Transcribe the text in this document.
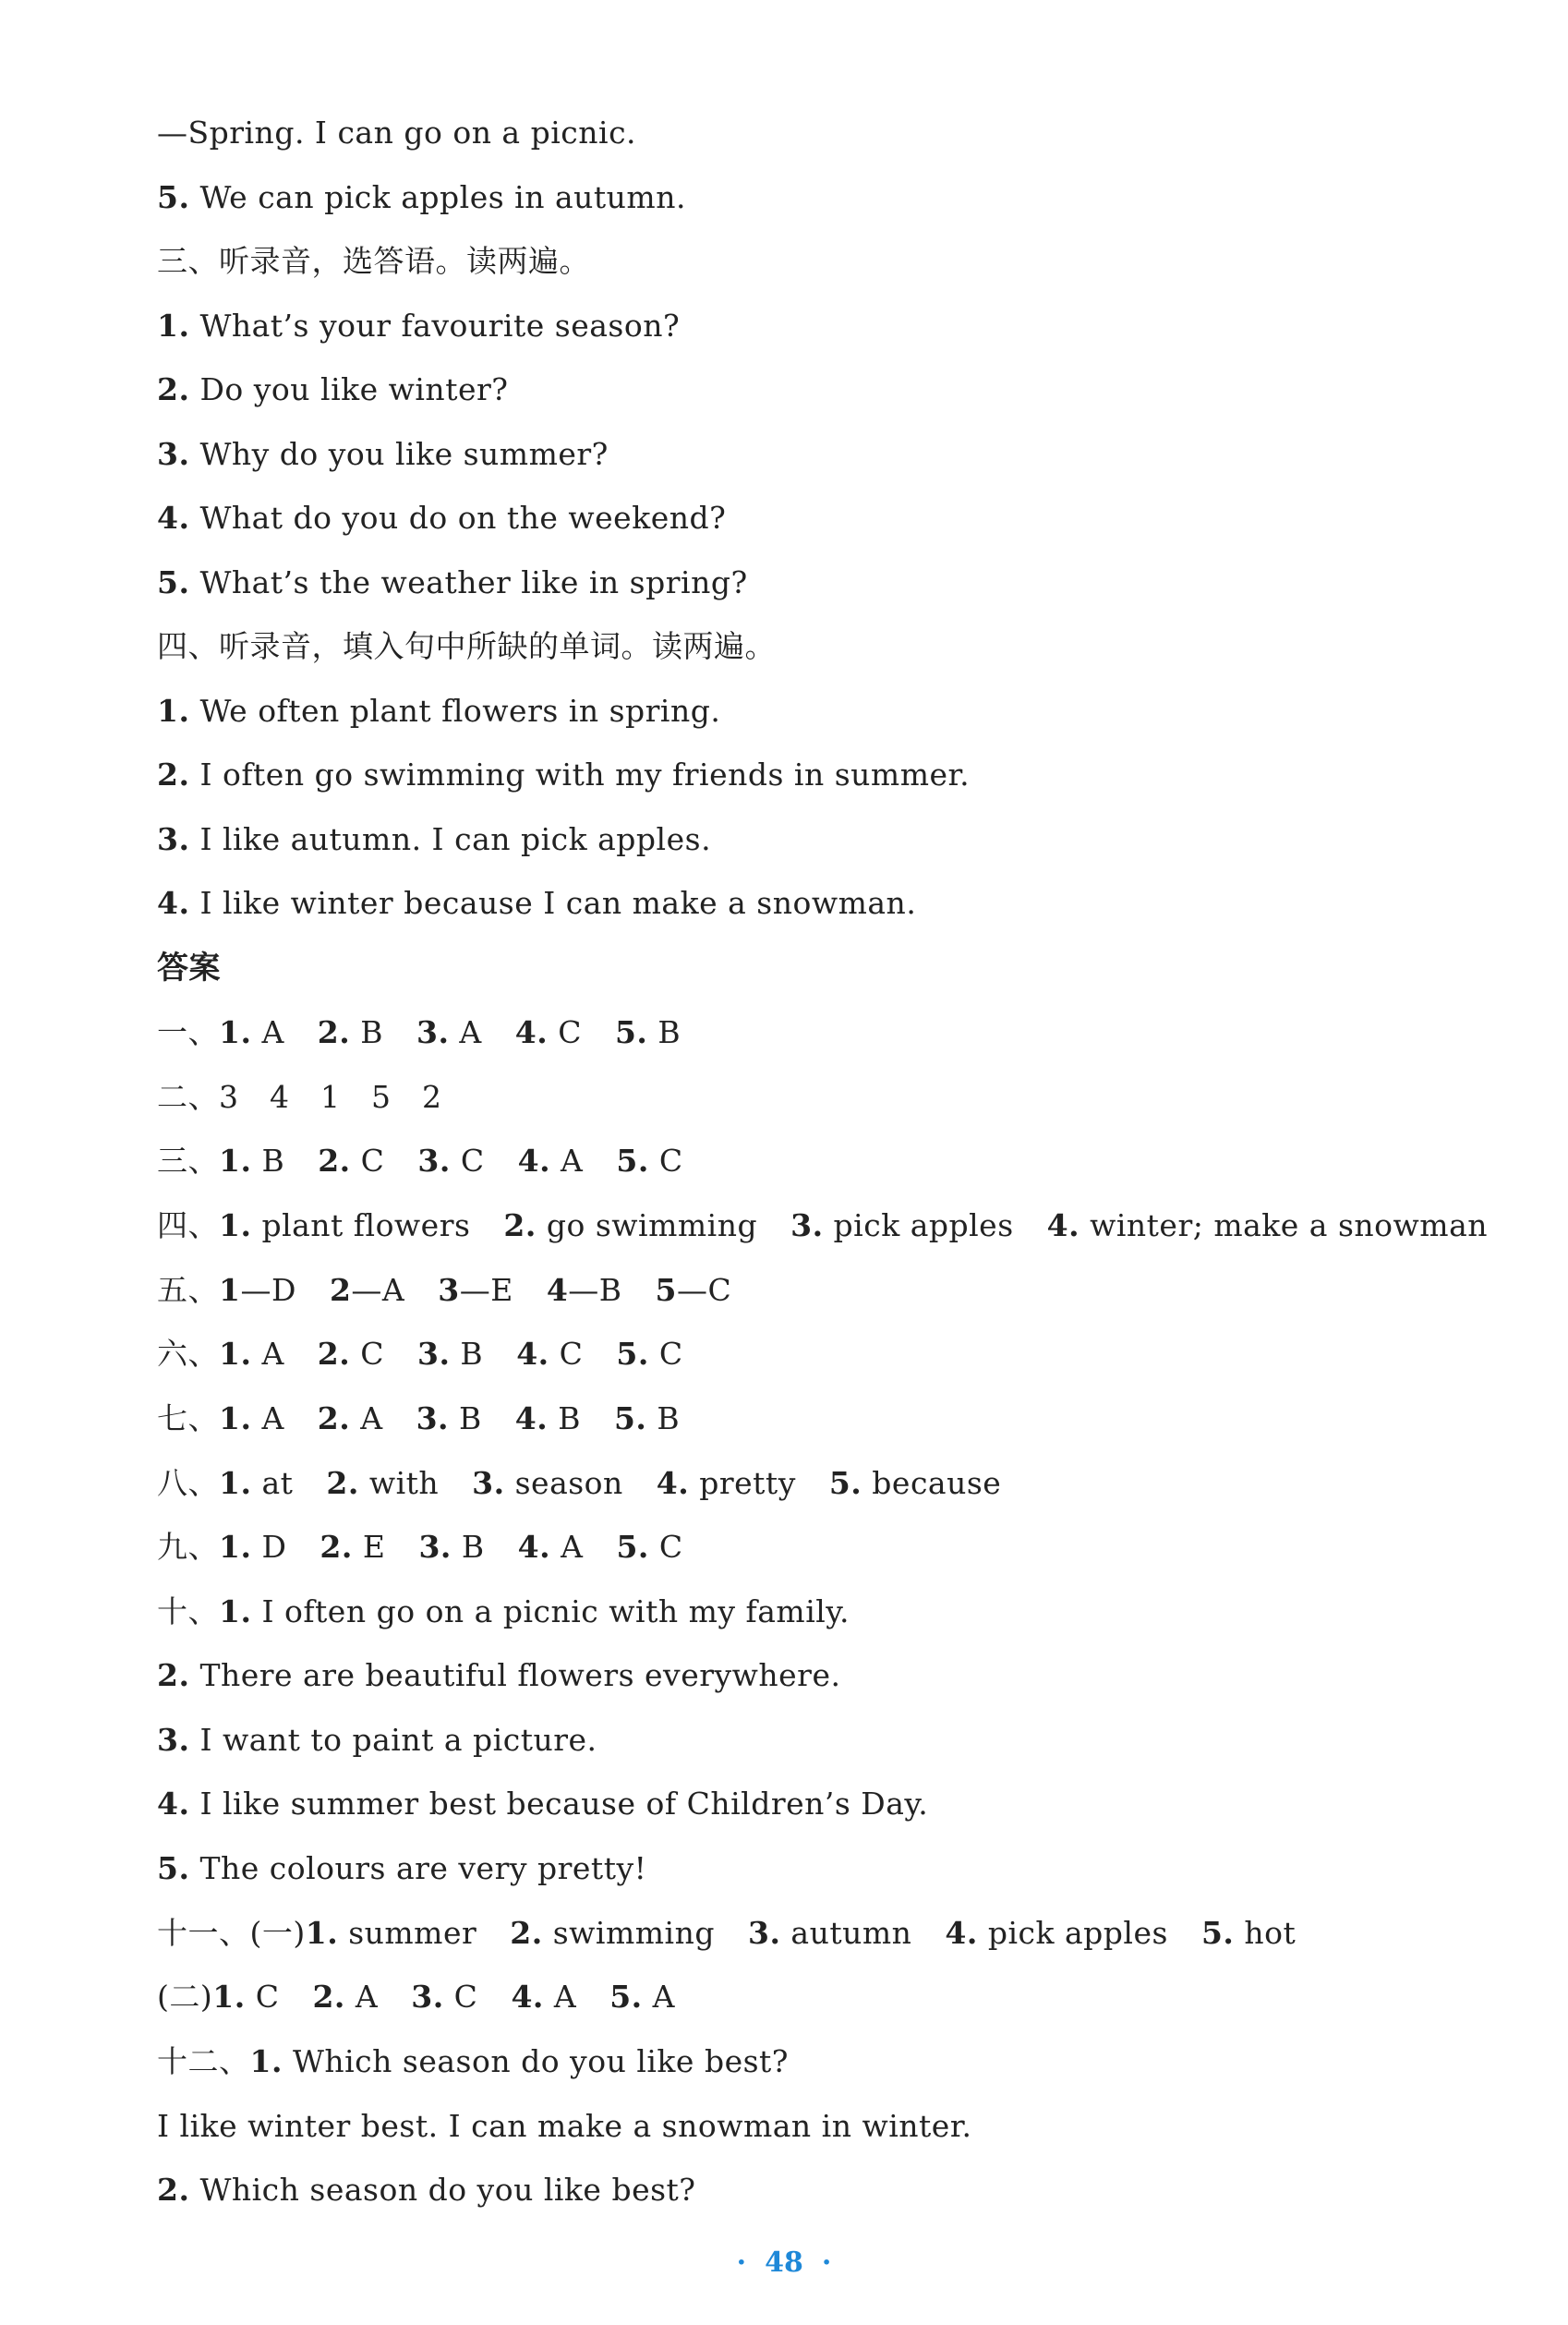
—Spring. I can go on a picnic.
5. We can pick apples in autumn.
三、听录音，选答语。读两遍。
1. What’s your favourite season?
2. Do you like winter?
3. Why do you like summer?
4. What do you do on the weekend?
5. What’s the weather like in spring?
四、听录音，填入句中所缺的单词。读两遍。
1. We often plant flowers in spring.
2. I often go swimming with my friends in summer.
3. I like autumn. I can pick apples.
4. I like winter because I can make a snowman.
答案
一、1. A 2. B 3. A 4. C 5. B
二、3　4　1　5　2
三、1. B 2. C 3. C 4. A 5. C
四、1. plant flowers 2. go swimming 3. pick apples 4. winter; make a snowman
五、1—D 2—A 3—E 4—B 5—C
六、1. A 2. C 3. B 4. C 5. C
七、1. A 2. A 3. B 4. B 5. B
八、1. at 2. with 3. season 4. pretty 5. because
九、1. D 2. E 3. B 4. A 5. C
十、1. I often go on a picnic with my family.
2. There are beautiful flowers everywhere.
3. I want to paint a picture.
4. I like summer best because of Children’s Day.
5. The colours are very pretty!
十一、(一)1. summer 2. swimming 3. autumn 4. pick apples 5. hot
(二)1. C 2. A 3. C 4. A 5. A
十二、1. Which season do you like best?
I like winter best. I can make a snowman in winter.
2. Which season do you like best?
· 48 ·
